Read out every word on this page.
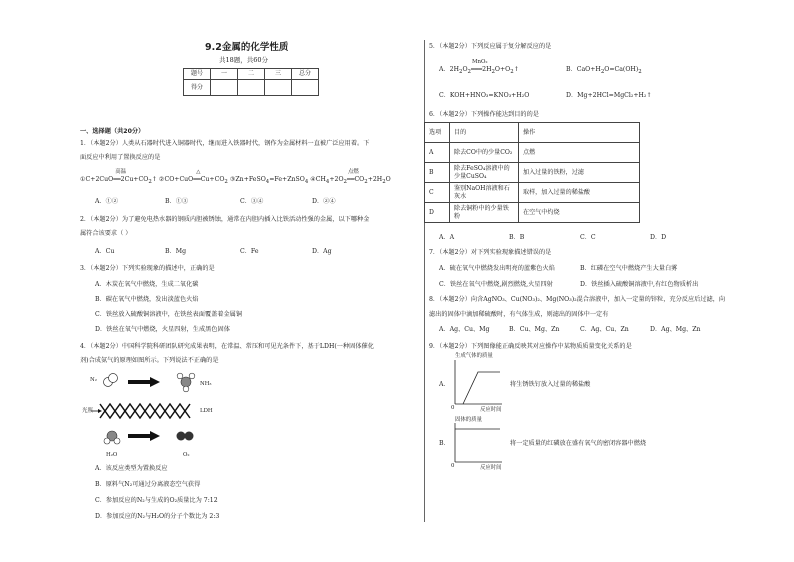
9.2金属的化学性质
共18题，共60分
题号	一	二	三	总分
得分				
一、选择题（共20分）
1．（本题2分）人类从石器时代进入铜器时代，继而进入铁器时代，钢作为金属材料一直被广泛应用着。下
面反应中利用了置换反应的是
①C+2CuO
高温
$══2Cu+CO_2↑$ ②CO+CuO
△
$══Cu+CO_2$ ③Zn+FeSO$_4$=Fe+ZnSO$_4$ $④CH_4+2O_2$
点燃
$══CO_2+2H_2O$
A．①②	B．①③	C．③④	D．②④
2．（本题2分）为了避免电热水器的钢质内胆被锈蚀，通常在内胆内插入比铁活动性强的金属，以下哪种金
属符合该要求（ ）
A．Cu	B．Mg	C．Fe	D．Ag
3．（本题2分）下列实验现象的描述中，正确的是
A．木炭在氧气中燃烧，生成二氧化碳
B．碳在氧气中燃烧，发出淡蓝色火焰
C．铁丝放入硫酸铜溶液中，在铁丝表面覆盖着金属铜
D．铁丝在氧气中燃烧，火星四射，生成黑色固体
4．（本题2分）中国科学院科研团队研究成果表明，在常温、常压和可见光条件下，基于LDH(一种固体催化
剂)合成氨气的原理如图所示。下列说法不正确的是
N₂
NH₃
光照	LDH
H₂O	O₂
A．该反应类型为置换反应
B．原料气N₂可通过分离液态空气获得
C．参加反应的N₂与生成的O₂质量比为 7:12
D．参加反应的N₂与H₂O的分子个数比为 2:3
5．（本题2分）下列反应属于复分解反应的是
A．$2H_2O_2$
MnO₂
$═══2H_2O+O_2↑$	B．$CaO+H_2O=Ca(OH)_2$
C．KOH+HNO₃=KNO₃+H₂O	D．Mg+2HCl=MgCl₂+H₂↑
6．（本题2分）下列操作能达到目的的是
选项	目的	操作
A	除去CO中的少量CO₂	点燃
B	除去FeSO₄溶液中的少量CuSO₄	加入过量的铁粉，过滤
C	鉴别NaOH溶液和石灰水	取样，加入过量的稀盐酸
D	除去铜粉中的少量铁粉	在空气中灼烧
A．A	B．B	C．C	D．D
7．（本题2分）对下列实验现象描述错误的是
A．硫在氧气中燃烧发出明亮的蓝紫色火焰	B．红磷在空气中燃烧产生大量白雾
C．铁丝在氧气中燃烧,剧烈燃烧,火星四射	D．铁丝插入硫酸铜溶液中,有红色物质析出
8．（本题2分）向含AgNO₃、Cu(NO₃)₂、Mg(NO₃)₂混合溶液中，加入一定量的锌粒，充分反应后过滤，向
滤出的固体中滴加稀硫酸时，有气体生成，则滤出的固体中一定有
A．Ag、Cu、Mg	B．Cu、Mg、Zn	C．Ag、Cu、Zn	D．Ag、Mg、Zn
9．（本题2分）下列图像能正确反映其对应操作中某物质质量变化关系的是
生成气体的质量
A．	将生锈铁钉放入过量的稀盐酸
0	反应时间
固体的质量
B．	将一定质量的红磷放在盛有氧气的密闭容器中燃烧
0	反应时间
